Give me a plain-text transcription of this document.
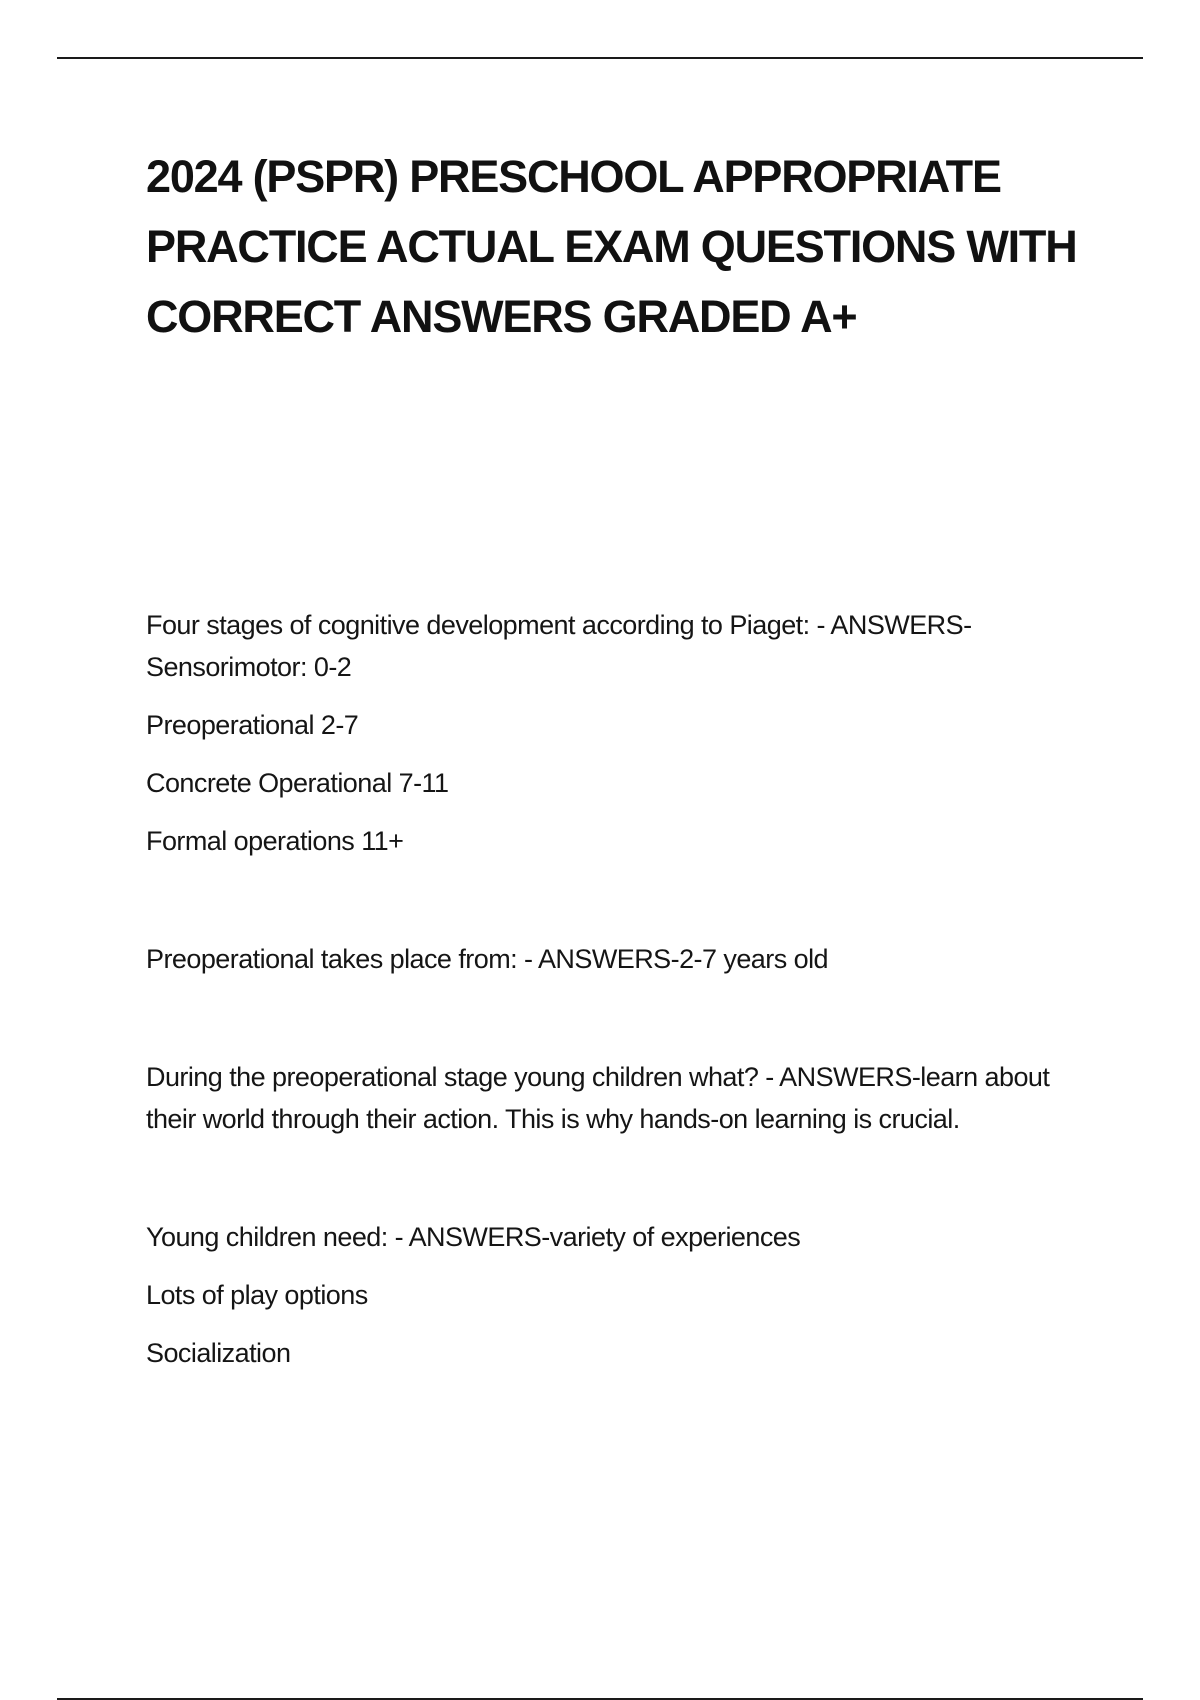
2024 (PSPR) PRESCHOOL APPROPRIATE PRACTICE ACTUAL EXAM QUESTIONS WITH CORRECT ANSWERS GRADED A+

Four stages of cognitive development according to Piaget: - ANSWERS-Sensorimotor: 0-2

Preoperational 2-7

Concrete Operational 7-11

Formal operations 11+

Preoperational takes place from: - ANSWERS-2-7 years old

During the preoperational stage young children what? - ANSWERS-learn about their world through their action. This is why hands-on learning is crucial.

Young children need: - ANSWERS-variety of experiences

Lots of play options

Socialization
